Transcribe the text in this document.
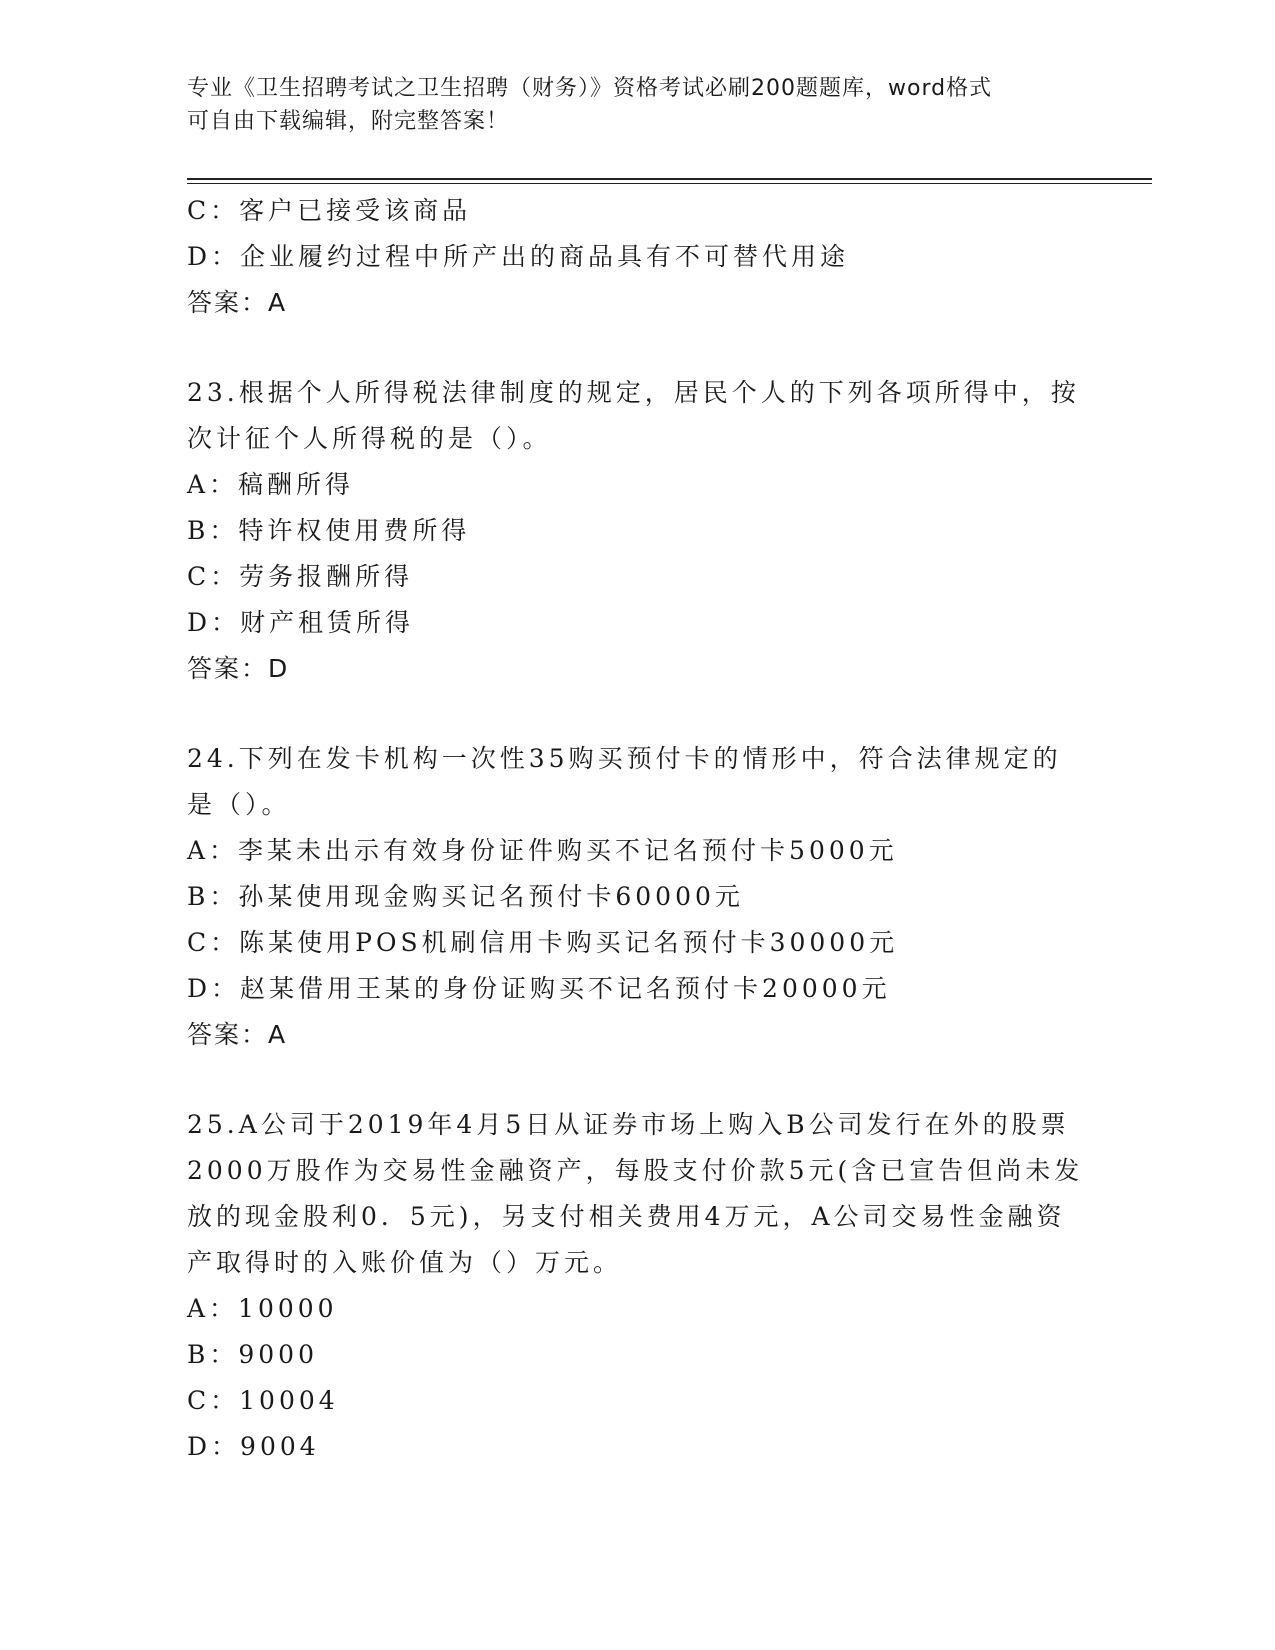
专业《卫生招聘考试之卫生招聘（财务）》资格考试必刷200题题库，word格式
可自由下载编辑，附完整答案！
C：客户已接受该商品
D：企业履约过程中所产出的商品具有不可替代用途
答案：A
23.根据个人所得税法律制度的规定，居民个人的下列各项所得中，按
次计征个人所得税的是（）。
A：稿酬所得
B：特许权使用费所得
C：劳务报酬所得
D：财产租赁所得
答案：D
24.下列在发卡机构一次性35购买预付卡的情形中，符合法律规定的
是（）。
A：李某未出示有效身份证件购买不记名预付卡5000元
B：孙某使用现金购买记名预付卡60000元
C：陈某使用POS机刷信用卡购买记名预付卡30000元
D：赵某借用王某的身份证购买不记名预付卡20000元
答案：A
25.A公司于2019年4月5日从证券市场上购入B公司发行在外的股票
2000万股作为交易性金融资产，每股支付价款5元(含已宣告但尚未发
放的现金股利0．5元)，另支付相关费用4万元，A公司交易性金融资
产取得时的入账价值为（）万元。
A：10000
B：9000
C：10004
D：9004
